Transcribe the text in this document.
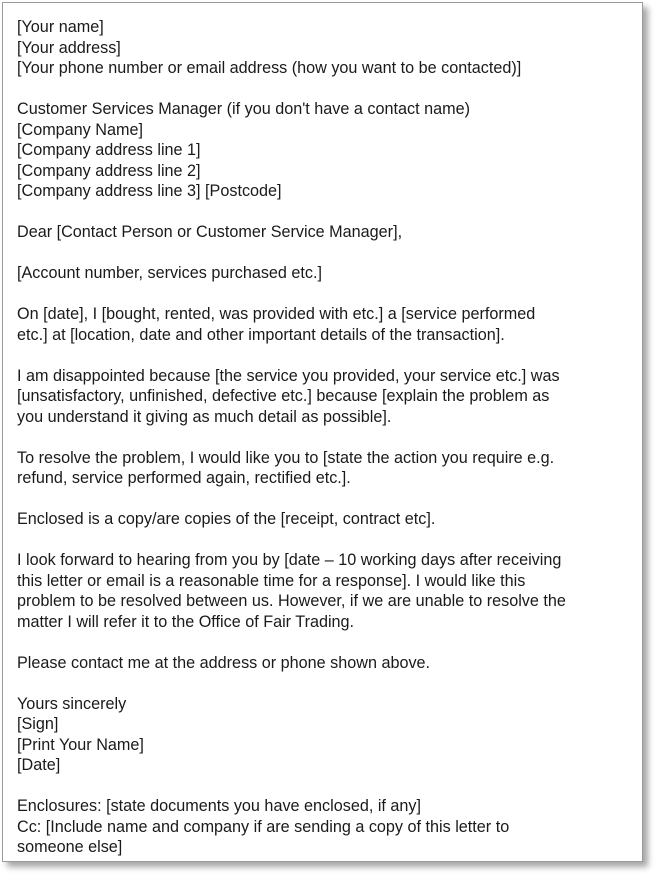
[Your name]
[Your address]
[Your phone number or email address (how you want to be contacted)]
Customer Services Manager (if you don't have a contact name)
[Company Name]
[Company address line 1]
[Company address line 2]
[Company address line 3] [Postcode]
Dear [Contact Person or Customer Service Manager],
[Account number, services purchased etc.]
On [date], I [bought, rented, was provided with etc.] a [service performed
etc.] at [location, date and other important details of the transaction].
I am disappointed because [the service you provided, your service etc.] was
[unsatisfactory, unfinished, defective etc.] because [explain the problem as
you understand it giving as much detail as possible].
To resolve the problem, I would like you to [state the action you require e.g.
refund, service performed again, rectified etc.].
Enclosed is a copy/are copies of the [receipt, contract etc].
I look forward to hearing from you by [date – 10 working days after receiving
this letter or email is a reasonable time for a response]. I would like this
problem to be resolved between us. However, if we are unable to resolve the
matter I will refer it to the Office of Fair Trading.
Please contact me at the address or phone shown above.
Yours sincerely
[Sign]
[Print Your Name]
[Date]
Enclosures: [state documents you have enclosed, if any]
Cc: [Include name and company if are sending a copy of this letter to
someone else]
